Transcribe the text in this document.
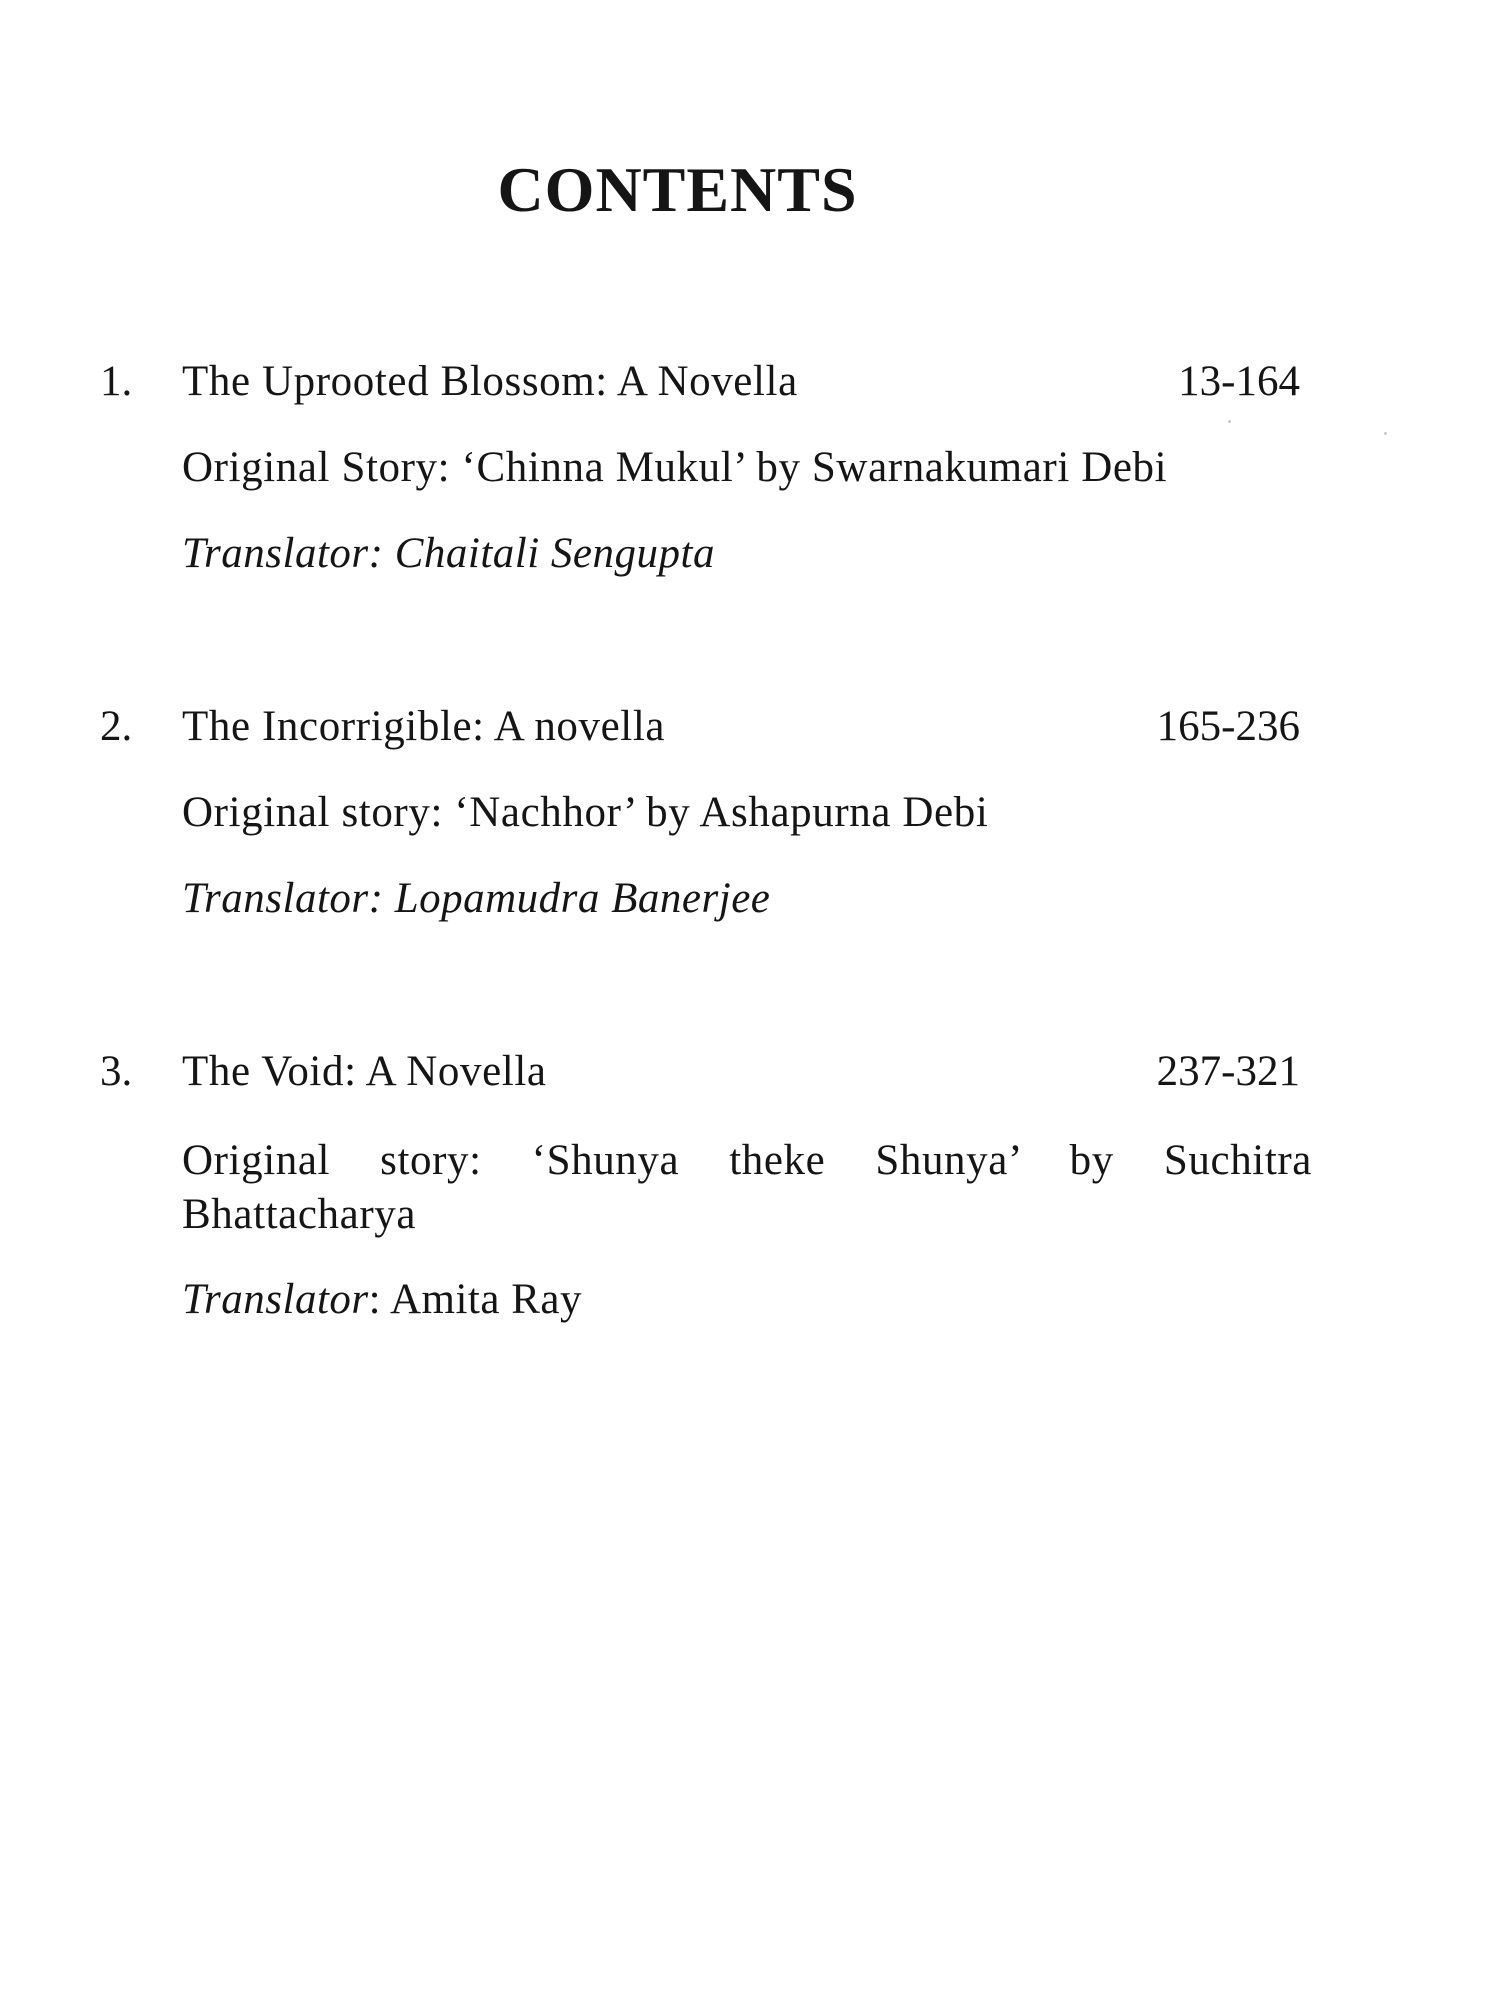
CONTENTS
1. The Uprooted Blossom: A Novella	13-164
Original Story: ‘Chinna Mukul’ by Swarnakumari Debi
Translator: Chaitali Sengupta
2. The Incorrigible: A novella	165-236
Original story: ‘Nachhor’ by Ashapurna Debi
Translator: Lopamudra Banerjee
3. The Void: A Novella	237-321
Original story: ‘Shunya theke Shunya’ by Suchitra Bhattacharya
Translator: Amita Ray
